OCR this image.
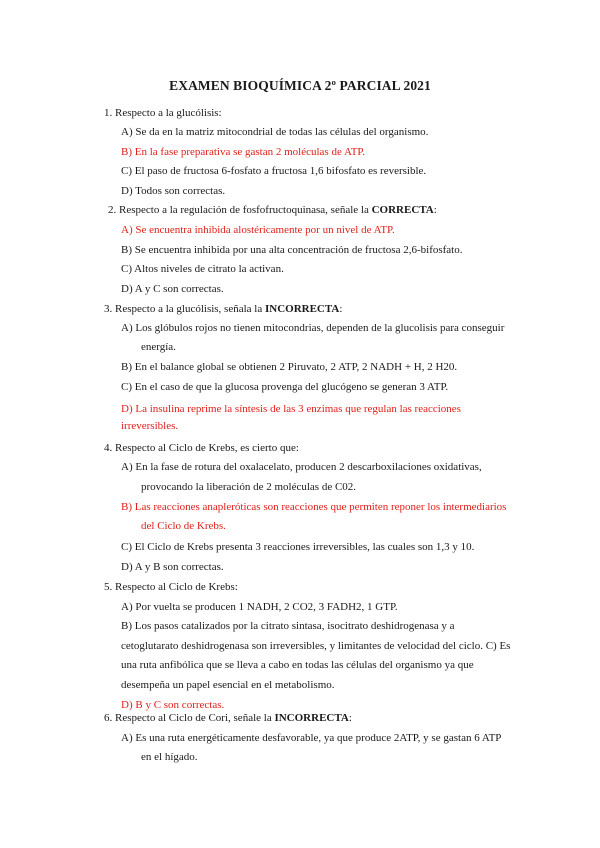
EXAMEN BIOQUÍMICA 2º PARCIAL 2021
1. Respecto a la glucólisis:
A) Se da en la matriz mitocondrial de todas las células del organismo.
B) En la fase preparativa se gastan 2 moléculas de ATP.
C) El paso de fructosa 6-fosfato a fructosa 1,6 bifosfato es reversible.
D) Todos son correctas.
2. Respecto a la regulación de fosfofructoquinasa, señale la CORRECTA:
A) Se encuentra inhibida alostéricamente por un nivel de ATP.
B) Se encuentra inhibida por una alta concentración de fructosa 2,6-bifosfato.
C) Altos niveles de citrato la activan.
D) A y C son correctas.
3. Respecto a la glucólisis, señala la INCORRECTA:
A) Los glóbulos rojos no tienen mitocondrias, dependen de la glucolisis para conseguir
energía.
B) En el balance global se obtienen 2 Piruvato, 2 ATP, 2 NADH + H, 2 H20.
C) En el caso de que la glucosa provenga del glucógeno se generan 3 ATP.
D) La insulina reprime la síntesis de las 3 enzimas que regulan las reacciones
irreversibles.
4. Respecto al Ciclo de Krebs, es cierto que:
A) En la fase de rotura del oxalacelato, producen 2 descarboxilaciones oxidativas,
provocando la liberación de 2 moléculas de C02.
B) Las reacciones anapleróticas son reacciones que permiten reponer los intermediarios
del Ciclo de Krebs.
C) El Ciclo de Krebs presenta 3 reacciones irreversibles, las cuales son 1,3 y 10.
D) A y B son correctas.
5. Respecto al Ciclo de Krebs:
A) Por vuelta se producen 1 NADH, 2 CO2, 3 FADH2, 1 GTP.
B) Los pasos catalizados por la citrato sintasa, isocitrato deshidrogenasa y a
cetoglutarato deshidrogenasa son irreversibles, y limitantes de velocidad del ciclo. C) Es
una ruta anfibólica que se lleva a cabo en todas las células del organismo ya que
desempeña un papel esencial en el metabolismo.
D) B y C son correctas.
6. Respecto al Ciclo de Cori, señale la INCORRECTA:
A) Es una ruta energéticamente desfavorable, ya que produce 2ATP, y se gastan 6 ATP
en el hígado.
